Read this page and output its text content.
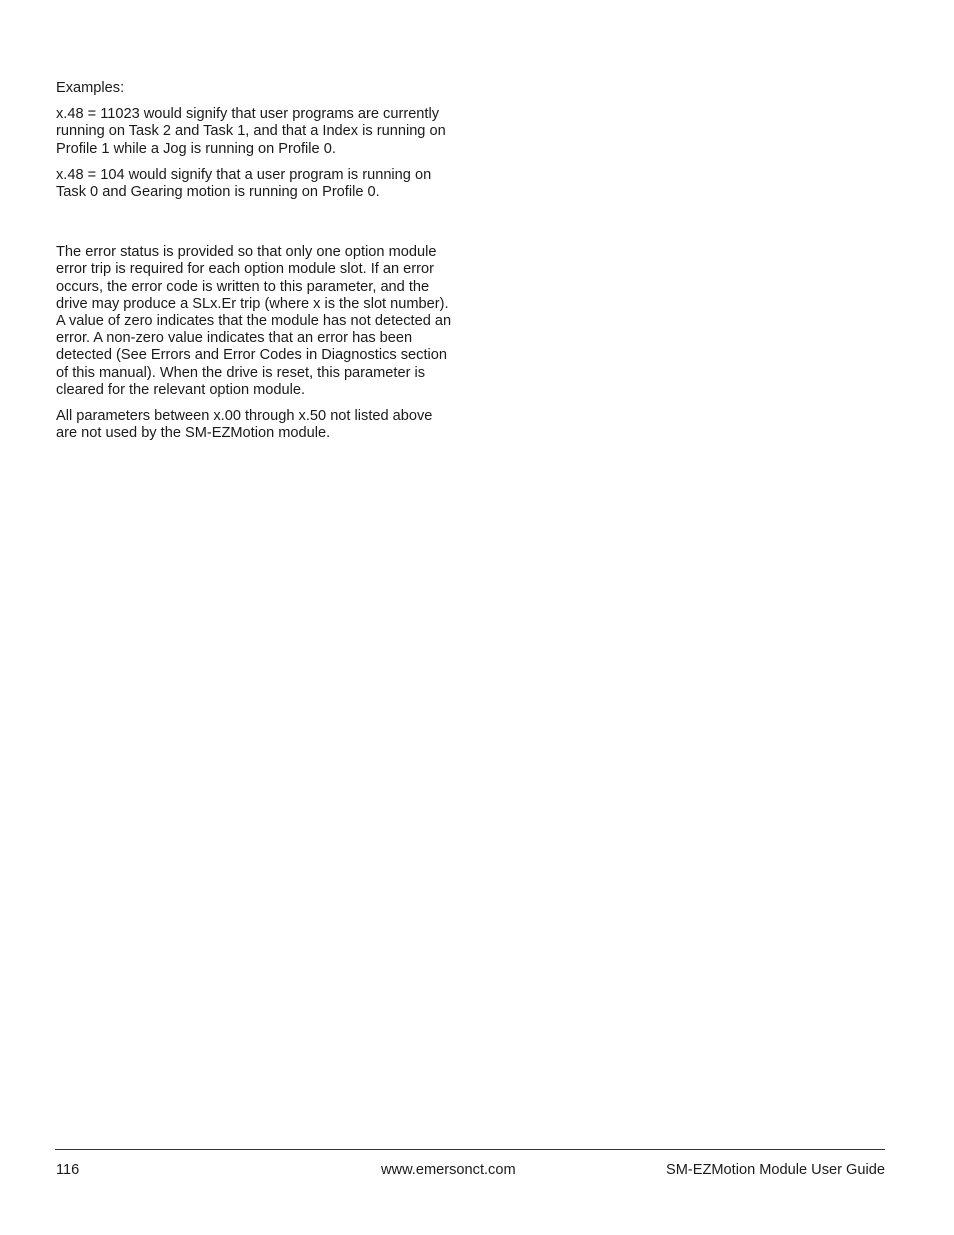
Examples:

x.48 = 11023 would signify that user programs are currently running on Task 2 and Task 1, and that a Index is running on Profile 1 while a Jog is running on Profile 0.

x.48 = 104 would signify that a user program is running on Task 0 and Gearing motion is running on Profile 0.

The error status is provided so that only one option module error trip is required for each option module slot. If an error occurs, the error code is written to this parameter, and the drive may produce a SLx.Er trip (where x is the slot number). A value of zero indicates that the module has not detected an error. A non-zero value indicates that an error has been detected (See Errors and Error Codes in Diagnostics section of this manual). When the drive is reset, this parameter is cleared for the relevant option module.

All parameters between x.00 through x.50 not listed above are not used by the SM-EZMotion module.

116	www.emersonct.com	SM-EZMotion Module User Guide
